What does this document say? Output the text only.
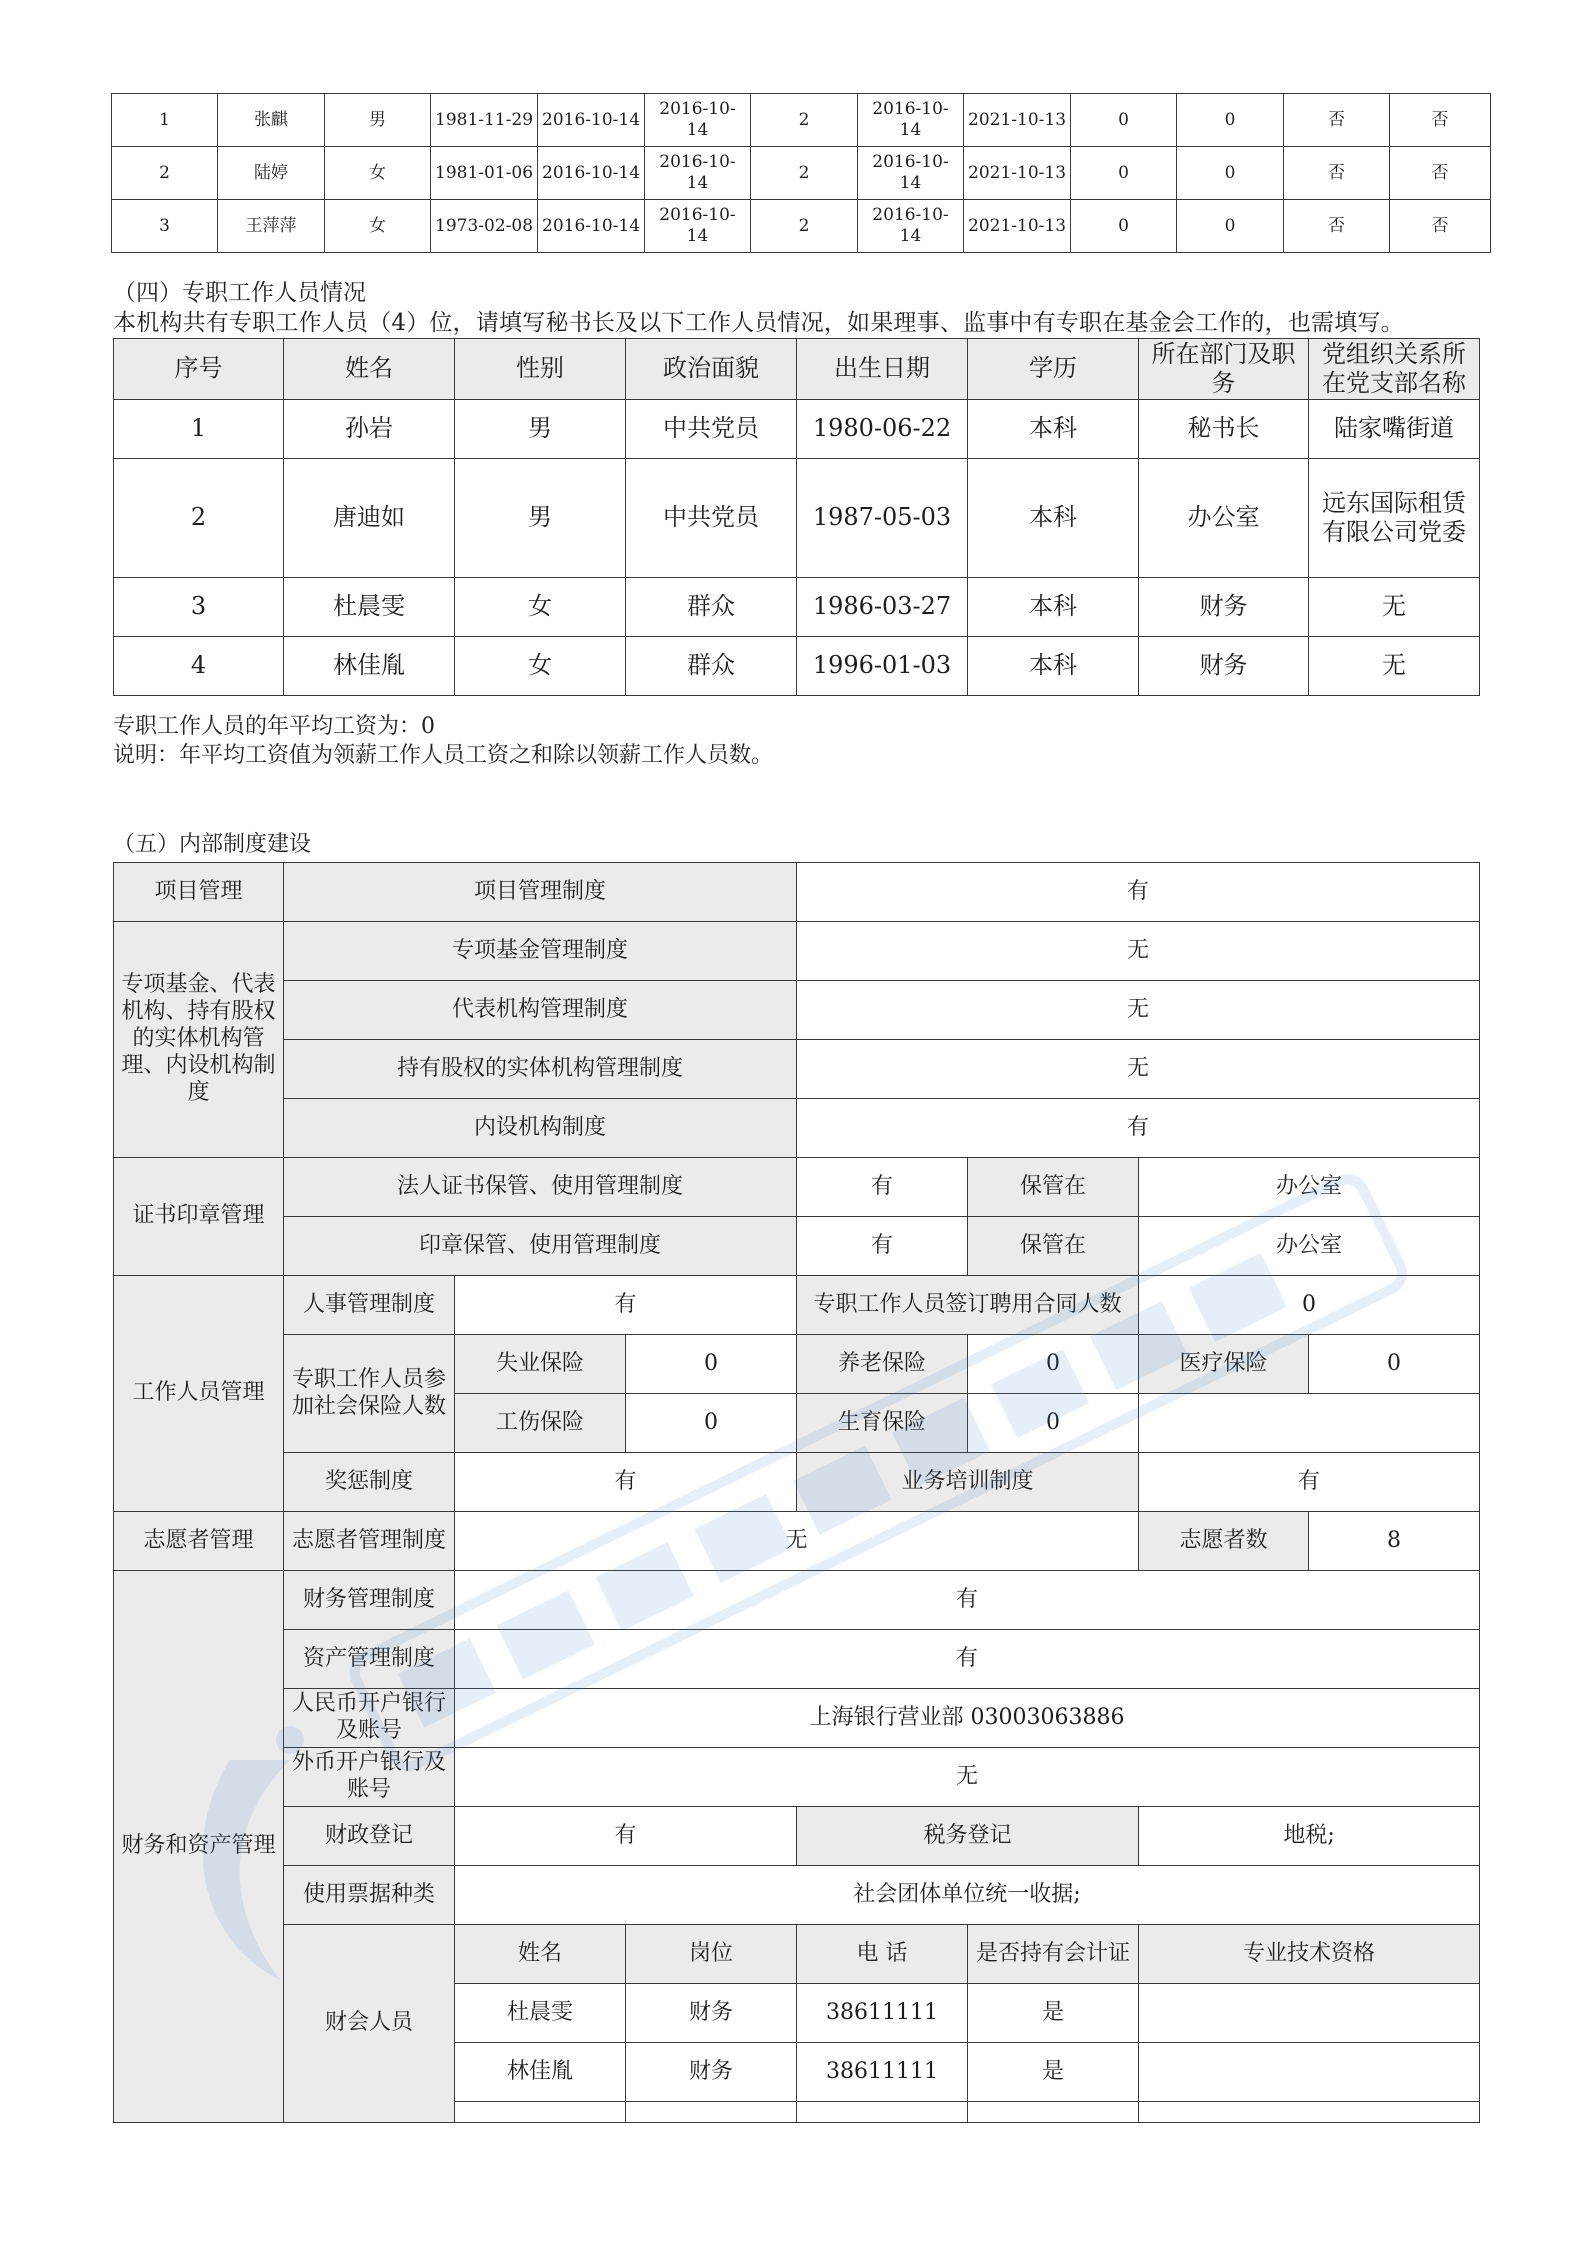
1	张麒	男	1981-11-29	2016-10-14	2016-10-14	2	2016-10-14	2021-10-13	0	0	否	否
2	陆婷	女	1981-01-06	2016-10-14	2016-10-14	2	2016-10-14	2021-10-13	0	0	否	否
3	王萍萍	女	1973-02-08	2016-10-14	2016-10-14	2	2016-10-14	2021-10-13	0	0	否	否
（四）专职工作人员情况
本机构共有专职工作人员（4）位，请填写秘书长及以下工作人员情况，如果理事、监事中有专职在基金会工作的，也需填写。
序号	姓名	性别	政治面貌	出生日期	学历	所在部门及职务	党组织关系所在党支部名称
1	孙岩	男	中共党员	1980-06-22	本科	秘书长	陆家嘴街道
2	唐迪如	男	中共党员	1987-05-03	本科	办公室	远东国际租赁有限公司党委
3	杜晨雯	女	群众	1986-03-27	本科	财务	无
4	林佳胤	女	群众	1996-01-03	本科	财务	无
专职工作人员的年平均工资为：0
说明：年平均工资值为领薪工作人员工资之和除以领薪工作人员数。
（五）内部制度建设
项目管理	项目管理制度			有			
专项基金、代表机构、持有股权的实体机构管理、内设机构制度	专项基金管理制度			无			
	代表机构管理制度			无			
	持有股权的实体机构管理制度			无			
	内设机构制度			有			
证书印章管理	法人证书保管、使用管理制度			有	保管在	办公室	
	印章保管、使用管理制度			有	保管在	办公室	
工作人员管理	人事管理制度	有		专职工作人员签订聘用合同人数		0	
	专职工作人员参加社会保险人数	失业保险	0	养老保险	0	医疗保险	0
		工伤保险	0	生育保险	0		
	奖惩制度	有		业务培训制度		有	
志愿者管理	志愿者管理制度	无				志愿者数	8
财务和资产管理	财务管理制度	有					
	资产管理制度	有					
	人民币开户银行及账号	上海银行营业部 03003063886					
	外币开户银行及账号	无					
	财政登记	有		税务登记		地税;	
	使用票据种类	社会团体单位统一收据;					
	财会人员	姓名	岗位	电 话	是否持有会计证	专业技术资格	
		杜晨雯	财务	38611111	是		
		林佳胤	财务	38611111	是		
